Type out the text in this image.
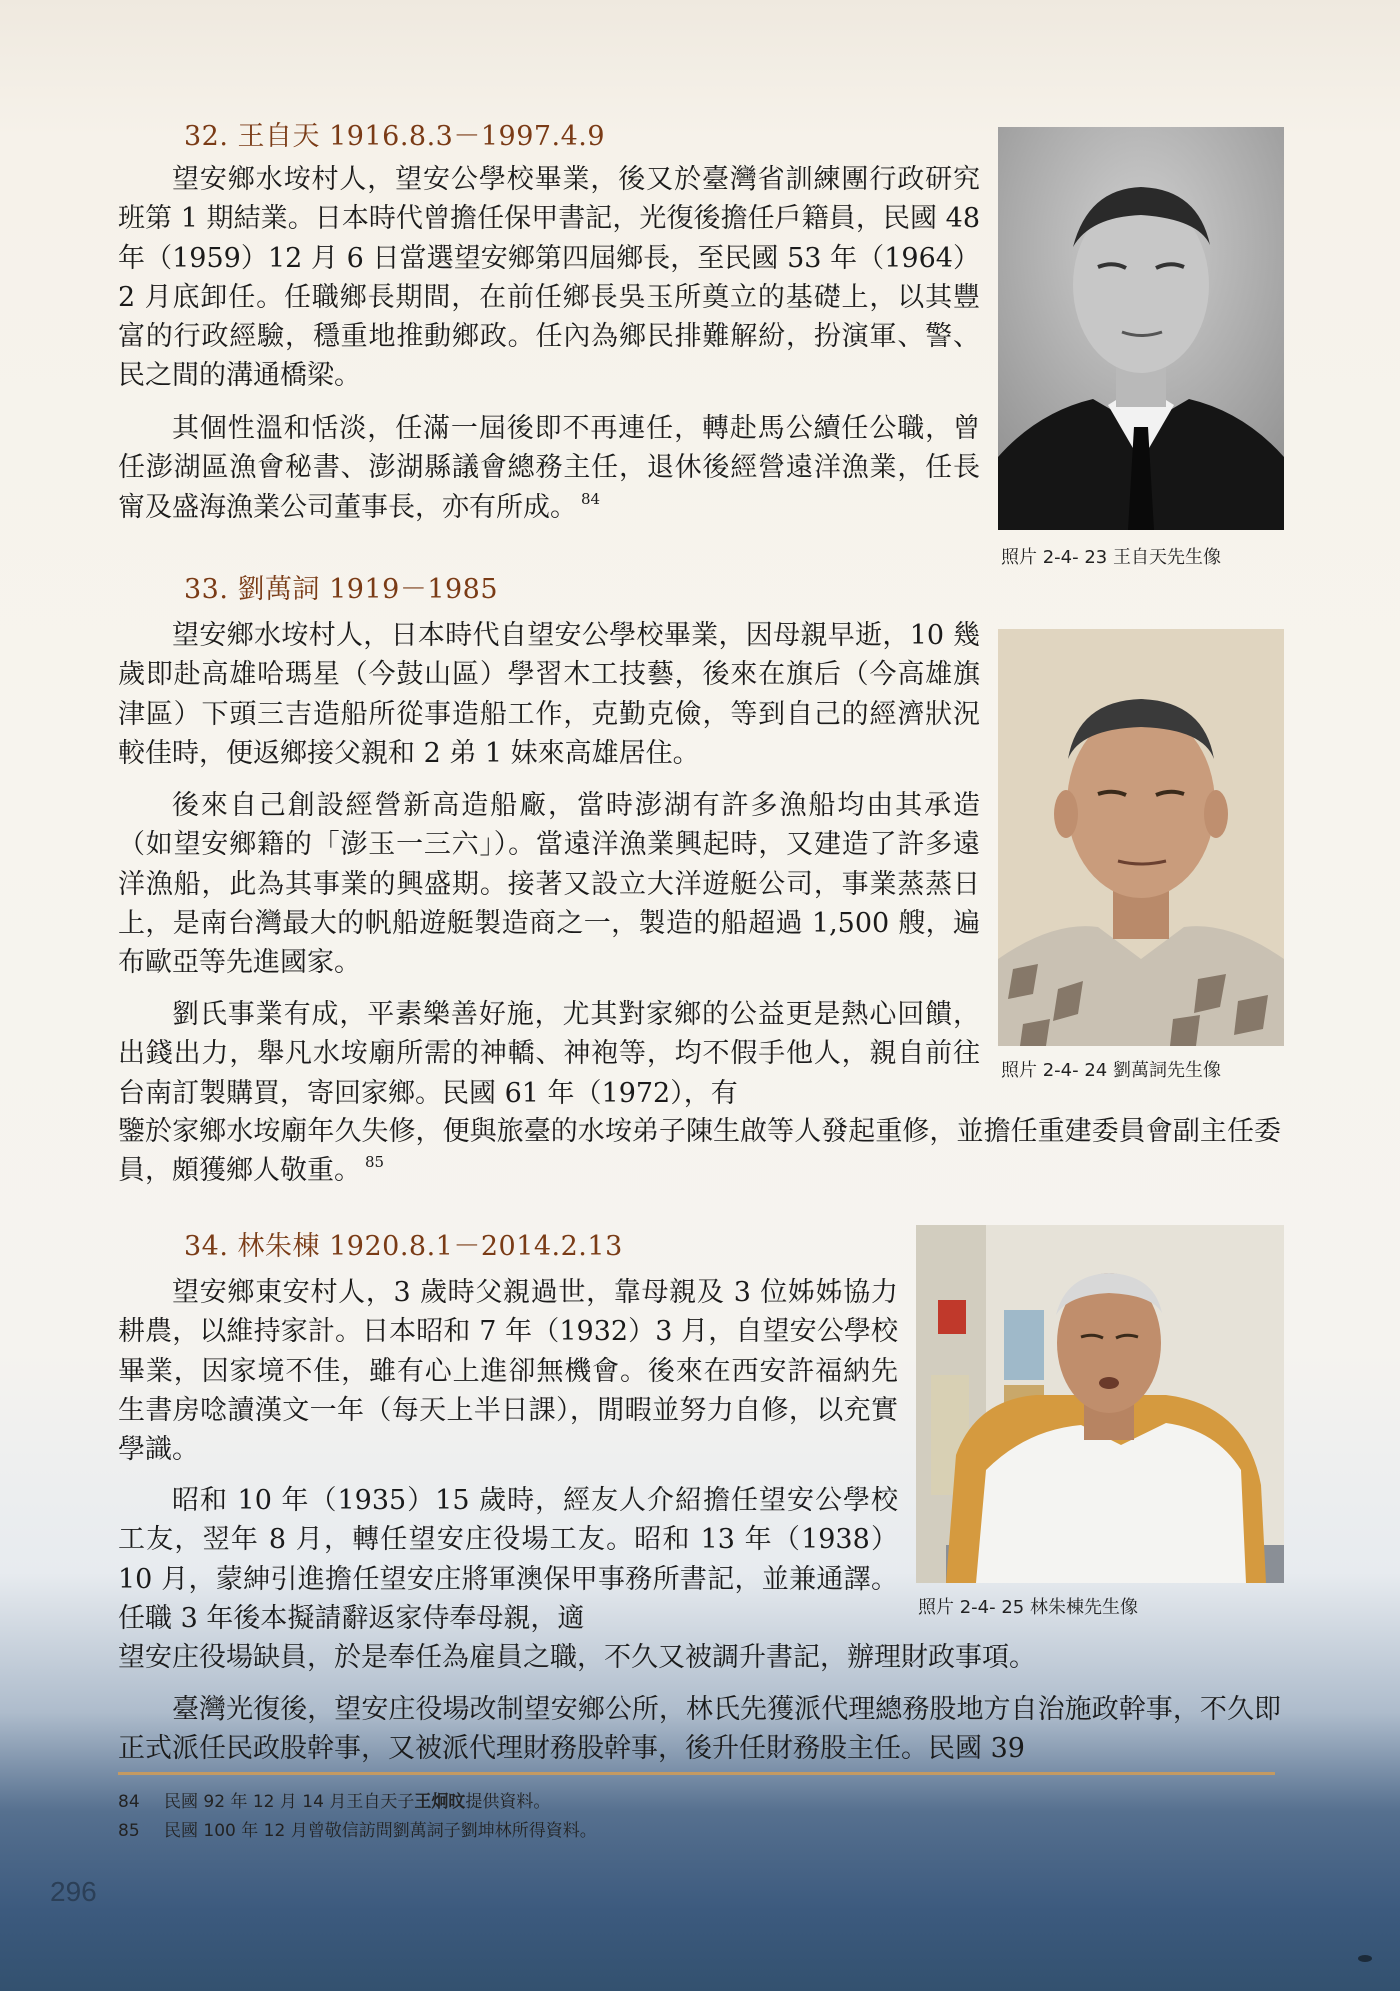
32. 王自天 1916.8.3－1997.4.9

望安鄉水垵村人，望安公學校畢業，後又於臺灣省訓練團行政研究班第 1 期結業。日本時代曾擔任保甲書記，光復後擔任戶籍員，民國 48 年（1959）12 月 6 日當選望安鄉第四屆鄉長，至民國 53 年（1964）2 月底卸任。任職鄉長期間，在前任鄉長吳玉所奠立的基礎上，以其豐富的行政經驗，穩重地推動鄉政。任內為鄉民排難解紛，扮演軍、警、民之間的溝通橋梁。

其個性溫和恬淡，任滿一屆後即不再連任，轉赴馬公續任公職，曾任澎湖區漁會秘書、澎湖縣議會總務主任，退休後經營遠洋漁業，任長甯及盛海漁業公司董事長，亦有所成。 $^{84}$

照片 2-4- 23 王自天先生像
33. 劉萬詞 1919－1985

望安鄉水垵村人，日本時代自望安公學校畢業，因母親早逝，10 幾歲即赴高雄哈瑪星（今鼓山區）學習木工技藝，後來在旗后（今高雄旗津區）下頭三吉造船所從事造船工作，克勤克儉，等到自己的經濟狀況較佳時，便返鄉接父親和 2 弟 1 妹來高雄居住。

後來自己創設經營新高造船廠，當時澎湖有許多漁船均由其承造（如望安鄉籍的「澎玉一三六」）。當遠洋漁業興起時，又建造了許多遠洋漁船，此為其事業的興盛期。接著又設立大洋遊艇公司，事業蒸蒸日上，是南台灣最大的帆船遊艇製造商之一，製造的船超過 1,500 艘，遍布歐亞等先進國家。

劉氏事業有成，平素樂善好施，尤其對家鄉的公益更是熱心回饋，出錢出力，舉凡水垵廟所需的神轎、神袍等，均不假手他人，親自前往台南訂製購買，寄回家鄉。民國 61 年（1972），有

鑒於家鄉水垵廟年久失修，便與旅臺的水垵弟子陳生啟等人發起重修，並擔任重建委員會副主任委員，頗獲鄉人敬重。 $^{85}$

照片 2-4- 24 劉萬詞先生像
34. 林朱棟 1920.8.1－2014.2.13

望安鄉東安村人，3 歲時父親過世，靠母親及 3 位姊姊協力耕農，以維持家計。日本昭和 7 年（1932）3 月，自望安公學校畢業，因家境不佳，雖有心上進卻無機會。後來在西安許福納先生書房唸讀漢文一年（每天上半日課），閒暇並努力自修，以充實學識。

昭和 10 年（1935）15 歲時，經友人介紹擔任望安公學校工友，翌年 8 月，轉任望安庄役場工友。昭和 13 年（1938）10 月，蒙紳引進擔任望安庄將軍澳保甲事務所書記，並兼通譯。任職 3 年後本擬請辭返家侍奉母親，適

望安庄役場缺員，於是奉任為雇員之職，不久又被調升書記，辦理財政事項。

臺灣光復後，望安庄役場改制望安鄉公所，林氏先獲派代理總務股地方自治施政幹事，不久即正式派任民政股幹事，又被派代理財務股幹事，後升任財務股主任。民國 39

照片 2-4- 25 林朱棟先生像
84 民國 92 年 12 月 14 月王自天子王炯旼提供資料。
85 民國 100 年 12 月曾敬信訪問劉萬詞子劉坤林所得資料。
296
